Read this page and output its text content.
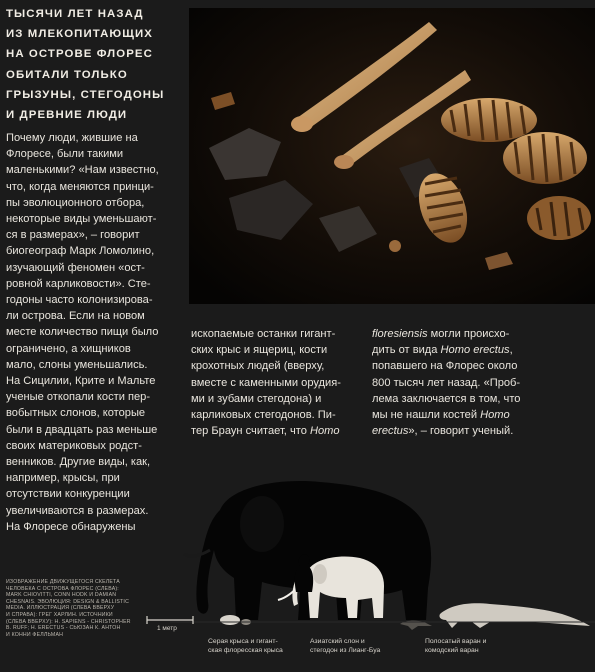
ТЫСЯЧИ ЛЕТ НАЗАД
ИЗ МЛЕКОПИТАЮЩИХ
НА ОСТРОВЕ ФЛОРЕС
ОБИТАЛИ ТОЛЬКО
ГРЫЗУНЫ, СТЕГОДОНЫ
И ДРЕВНИЕ ЛЮДИ
Почему люди, жившие на
Флоресе, были такими
маленькими? «Нам известно,
что, когда меняются принци-
пы эволюционного отбора,
некоторые виды уменьшают-
ся в размерах», – говорит
биогеограф Марк Ломолино,
изучающий феномен «ост-
ровной карликовости». Сте-
годоны часто колонизирова-
ли острова. Если на новом
месте количество пищи было
ограничено, а хищников
мало, слоны уменьшались.
На Сицилии, Крите и Мальте
ученые откопали кости пер-
вобытных слонов, которые
были в двадцать раз меньше
своих материковых родст-
венников. Другие виды, как,
например, крысы, при
отсутствии конкуренции
увеличиваются в размерах.
На Флоресе обнаружены
ископаемые останки гигант-
ских крыс и ящериц, кости
крохотных людей (вверху,
вместе с каменными орудия-
ми и зубами стегодона) и
карликовых стегодонов. Пи-
тер Браун считает, что Homo
floresiensis могли происхо-
дить от вида Homo erectus,
попавшего на Флорес около
800 тысяч лет назад. «Проб-
лема заключается в том, что
мы не нашли костей Homo
erectus», – говорит ученый.
ИЗОБРАЖЕНИЕ ДВИЖУЩЕГОСЯ СКЕЛЕТА
ЧЕЛОВЕКА С ОСТРОВА ФЛОРЕС (СЛЕВА):
MARK CHIOVITTI, CONN HODK И DAMIAN
CHESNAIS. ЭВОЛЮЦИЯ: DESIGN & BALLISTIC
MEDIA. ИЛЛЮСТРАЦИЯ (СЛЕВА ВВЕРХУ
И СПРАВА): ГРЕГ ХАРЛИН. ИСТОЧНИКИ
(СЛЕВА ВВЕРХУ): H. SAPIENS - CHRISTOPHER
B. RUFF; H. ERECTUS - СЬЮЗАН К. АНТОН
И КОННИ ФЕЛЛЬМАН
1 метр
Серая крыса и гигант-
ская флоресская крыса
Азиатский слон и
стегодон из Лианг-Буа
Полосатый варан и
комодский варан
